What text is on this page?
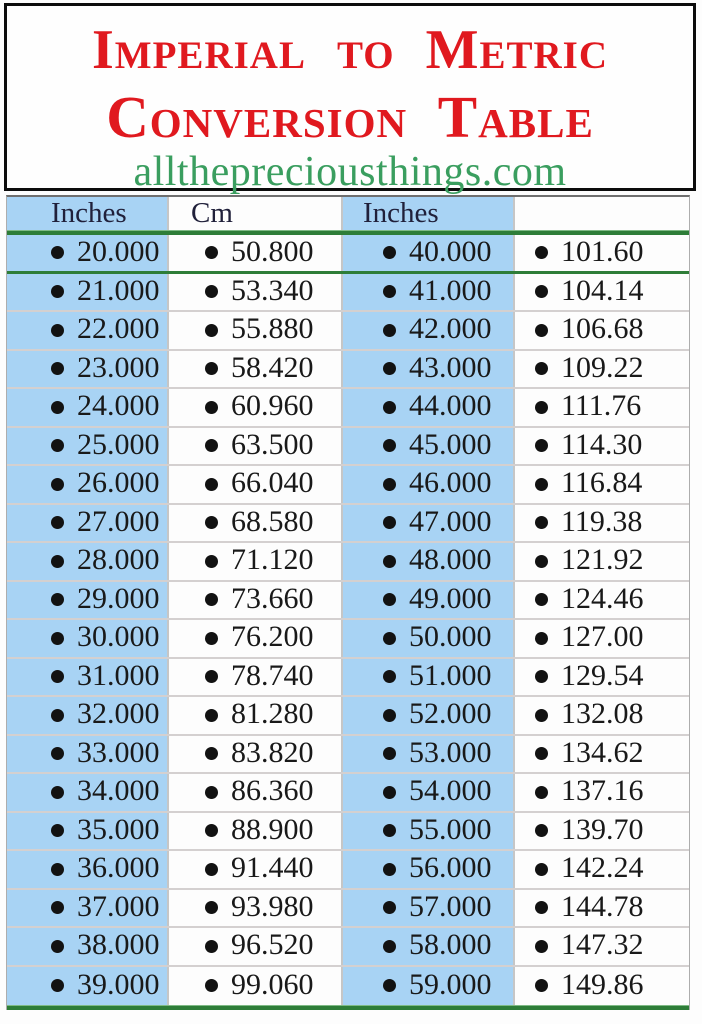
Imperial to Metric
Conversion Table
allthepreciousthings.com
Inches	Cm	Inches
20.000 50.800	40.000 101.60
21.000 53.340	41.000 104.14
22.000 55.880	42.000 106.68
23.000 58.420	43.000 109.22
24.000 60.960	44.000 111.76
25.000 63.500	45.000 114.30
26.000 66.040	46.000 116.84
27.000 68.580	47.000 119.38
28.000 71.120	48.000 121.92
29.000 73.660	49.000 124.46
30.000 76.200	50.000 127.00
31.000 78.740	51.000 129.54
32.000 81.280	52.000 132.08
33.000 83.820	53.000 134.62
34.000 86.360	54.000 137.16
35.000 88.900	55.000 139.70
36.000 91.440	56.000 142.24
37.000 93.980	57.000 144.78
38.000 96.520	58.000 147.32
39.000 99.060	59.000 149.86
